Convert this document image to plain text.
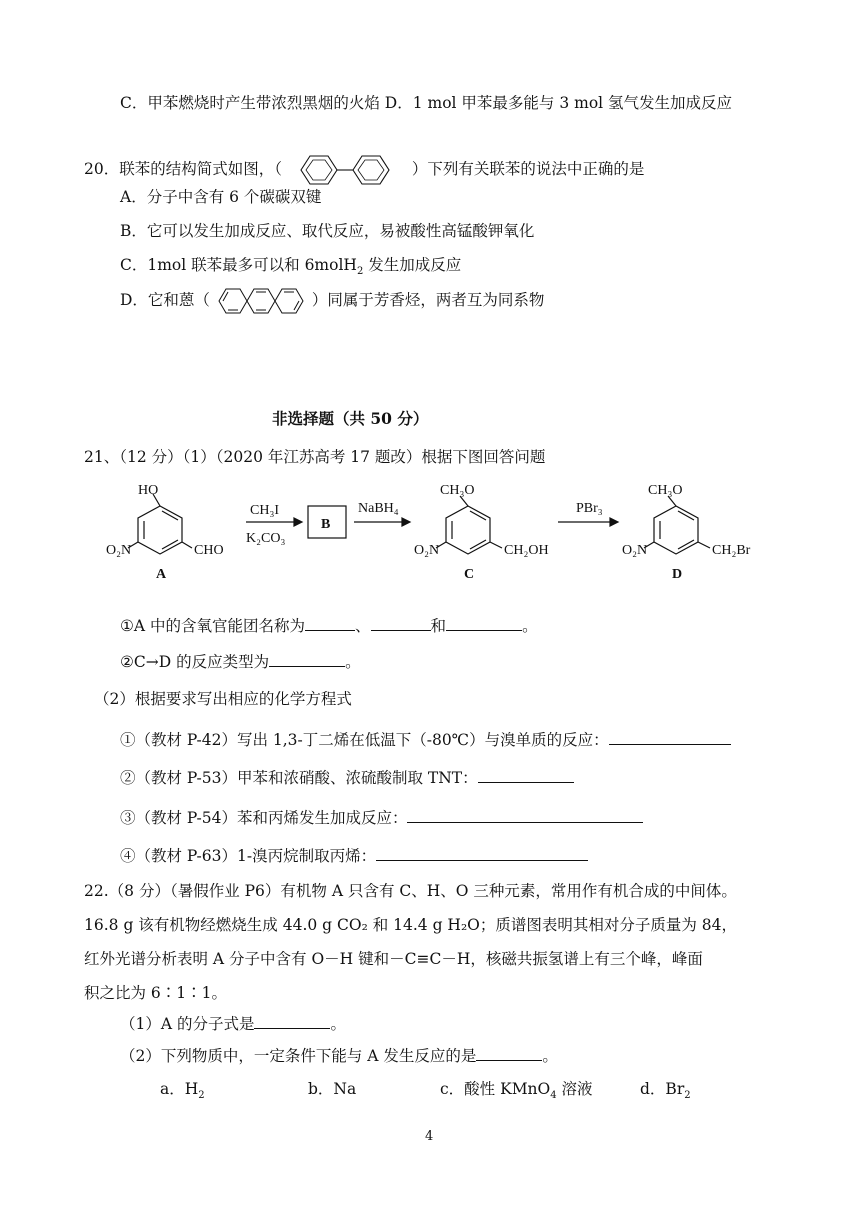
C．甲苯燃烧时产生带浓烈黑烟的火焰 D．1 mol 甲苯最多能与 3 mol 氢气发生加成反应
20．联苯的结构简式如图，（	）下列有关联苯的说法中正确的是
A．分子中含有 6 个碳碳双键
B．它可以发生加成反应、取代反应，易被酸性高锰酸钾氧化
C．1mol 联苯最多可以和 6molH$_2$ 发生加成反应
D．它和蒽（	）同属于芳香烃，两者互为同系物
非选择题（共 50 分）
21、（12 分）（1）（2020 年江苏高考 17 题改）根据下图回答问题
HO
O₂N	CHO
A
CH₃I
K₂CO₃
B
NaBH₄
CH₃O
O₂N	CH₂OH
C
PBr₃
CH₃O
O₂N	CH₂Br
D
①A 中的含氧官能团名称为	、	和	。
②C→D 的反应类型为	。
（2）根据要求写出相应的化学方程式
①（教材 P-42）写出 1,3-丁二烯在低温下（-80℃）与溴单质的反应：
②（教材 P-53）甲苯和浓硝酸、浓硫酸制取 TNT：
③（教材 P-54）苯和丙烯发生加成反应：
④（教材 P-63）1-溴丙烷制取丙烯：
22.（8 分）（暑假作业 P6）有机物 A 只含有 C、H、O 三种元素，常用作有机合成的中间体。
16.8 g 该有机物经燃烧生成 44.0 g CO₂ 和 14.4 g H₂O；质谱图表明其相对分子质量为 84，
红外光谱分析表明 A 分子中含有 O－H 键和－C≡C－H，核磁共振氢谱上有三个峰，峰面
积之比为 6∶1∶1。
（1）A 的分子式是	。
（2）下列物质中，一定条件下能与 A 发生反应的是	。
a．$H_2$	b．Na	c．酸性 KMnO$_4$ 溶液	d．$Br_2$
4
